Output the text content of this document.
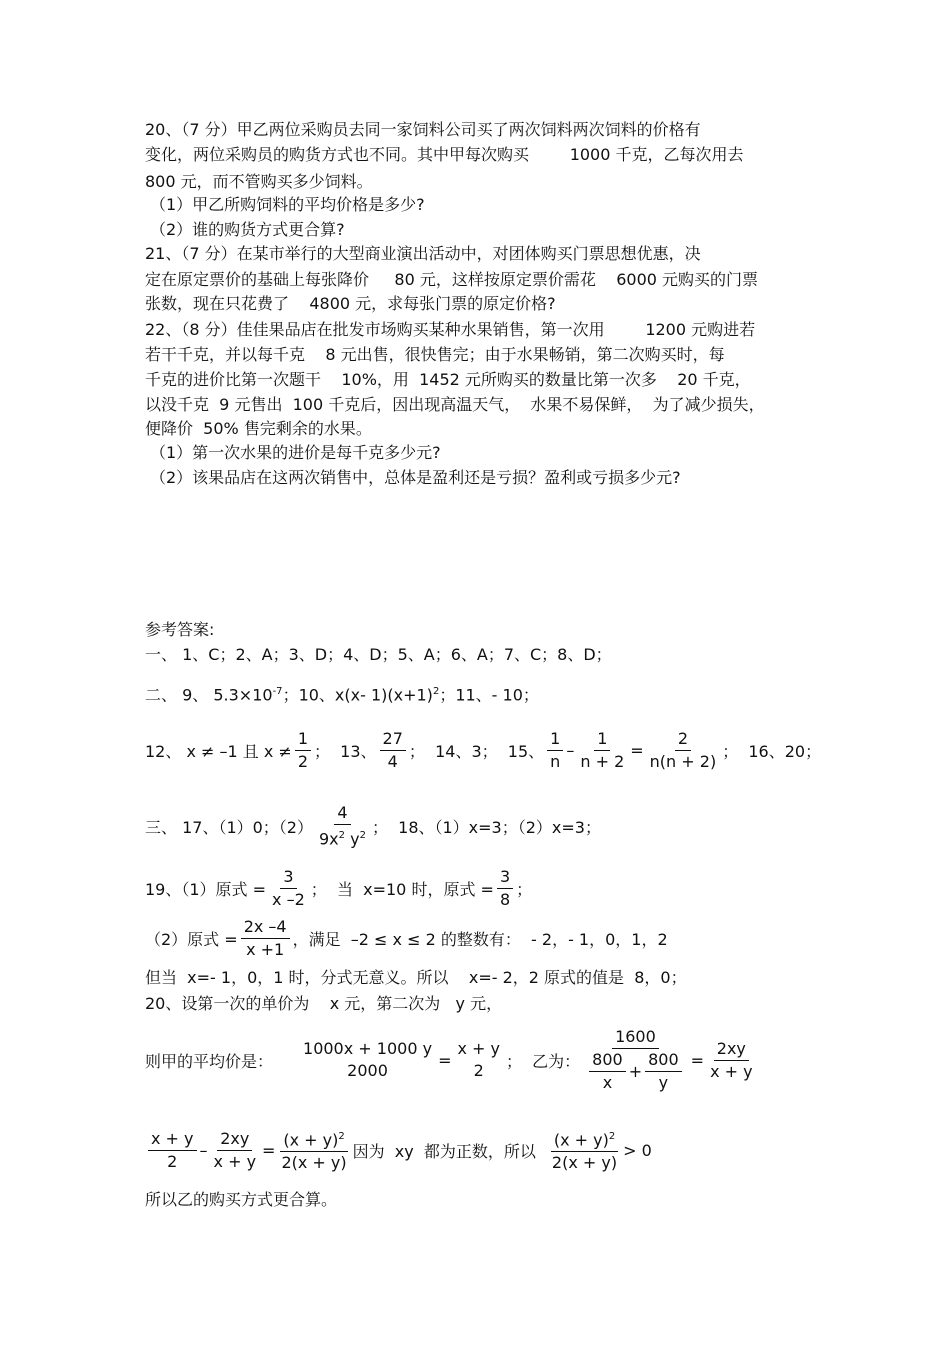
20、（7 分）甲乙两位采购员去同一家饲料公司买了两次饲料两次饲料的价格有
变化，两位采购员的购货方式也不同。其中甲每次购买        1000 千克，乙每次用去
800 元，而不管购买多少饲料。
（1）甲乙所购饲料的平均价格是多少?
（2）谁的购货方式更合算?
21、（7 分）在某市举行的大型商业演出活动中，对团体购买门票思想优惠，决
定在原定票价的基础上每张降价     80 元，这样按原定票价需花    6000 元购买的门票
张数，现在只花费了    4800 元，求每张门票的原定价格?
22、（8 分）佳佳果品店在批发市场购买某种水果销售，第一次用        1200 元购进若
若干千克，并以每千克    8 元出售，很快售完；由于水果畅销，第二次购买时，每
千克的进价比第一次题干    10%，用  1452 元所购买的数量比第一次多    20 千克，
以没千克  9 元售出  100 千克后，因出现高温天气，  水果不易保鲜，  为了减少损失，
便降价  50% 售完剩余的水果。
（1）第一次水果的进价是每千克多少元?
（2）该果品店在这两次销售中，总体是盈利还是亏损？盈利或亏损多少元?
参考答案:
一、 1、C；2、A；3、D；4、D；5、A；6、A；7、C；8、D；
二、 9、 $5.3\times 10^{-7}$；10、x(x- $1)(x+1)^2$；11、- 10；
12、 x ≠ –1 且 $x \ne \frac{1}{2}$ ；  13、 $\frac{27}{4}$ ；  14、3；  15、 $\frac{1}{n} - \frac{1}{n + 2} = \frac{2}{n(n + 2)}$ ；  16、20；
三、 17、（1）0；$(2) \frac{4}{9x^2 y^2}$ ；  18、（1）x=3；（2）x=3；
19、（1）原式 = $\frac{3}{x -2}$ ；  当  x=10 时，原式 = $\frac{3}{8}$ ；
（2）原式 = $\frac{2x -4}{x +1}$ ，满足  –2 ≤ x ≤ 2 的整数有：  - 2，- 1，0，1，2
但当  x=- 1，0，1 时，分式无意义。所以    x=- 2，2 原式的值是  8，0；
20、设第一次的单价为    x 元，第二次为   y 元，
则甲的平均价是：
1000x + 1000 y
2000
=
x + y
2 ；  乙为： $\frac{1600}{\frac{800}{x} + \frac{800}{y}} = \frac{2xy}{x + y}$
$\frac{x + y}{2} - \frac{2xy}{x + y} = \frac{(x + y)^2}{2(x + y)}$ 因为  xy  都为正数，所以 $\frac{(x + y)^2}{2(x + y)} > 0$
所以乙的购买方式更合算。
